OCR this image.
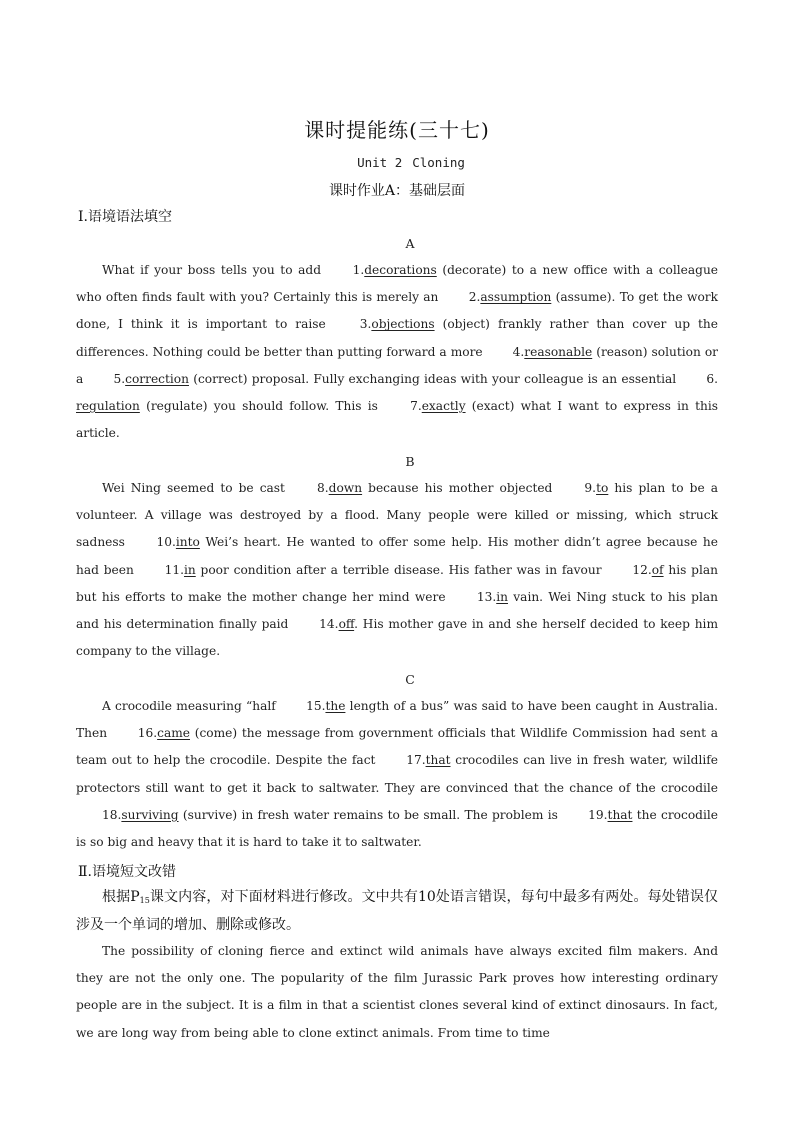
课时提能练(三十七)
Unit 2 Cloning
课时作业A：基础层面
Ⅰ.语境语法填空
A

What if your boss tells you to add	1. decorations (decorate) to a new office with a colleague who often finds fault with you? Certainly this is merely an	2. assumption (assume). To get the work done, I think it is important to raise	3. objections (object) frankly rather than cover up the differences. Nothing could be better than putting forward a more	4. reasonable (reason) solution or a	5. correction (correct) proposal. Fully exchanging ideas with your colleague is an essential 6. regulation (regulate) you should follow. This is	7. exactly (exact) what I want to express in this article.

B

Wei Ning seemed to be cast	8. down because his mother objected	9. to his plan to be a volunteer. A village was destroyed by a flood. Many people were killed or missing, which struck sadness	10. into Wei’s heart. He wanted to offer some help. His mother didn’t agree because he had been	11. in poor condition after a terrible disease. His father was in favour	12. of his plan but his efforts to make the mother change her mind were	13. in vain. Wei Ning stuck to his plan and his determination finally paid	14. off. His mother gave in and she herself decided to keep him company to the village.

C

A crocodile measuring “half	15. the length of a bus” was said to have been caught in Australia. Then	16. came (come) the message from government officials that Wildlife Commission had sent a team out to help the crocodile. Despite the fact	17. that crocodiles can live in fresh water, wildlife protectors still want to get it back to saltwater. They are convinced that the chance of the crocodile 18. surviving (survive) in fresh water remains to be small. The problem is	19. that the crocodile is so big and heavy that it is hard to take it to saltwater.

Ⅱ.语境短文改错

根据$P_{15}$课文内容，对下面材料进行修改。文中共有10处语言错误，每句中最多有两处。每处错误仅涉及一个单词的增加、删除或修改。

The possibility of cloning fierce and extinct wild animals have always excited film makers. And they are not the only one. The popularity of the film Jurassic Park proves how interesting ordinary people are in the subject. It is a film in that a scientist clones several kind of extinct dinosaurs. In fact, we are long way from being able to clone extinct animals. From time to time
